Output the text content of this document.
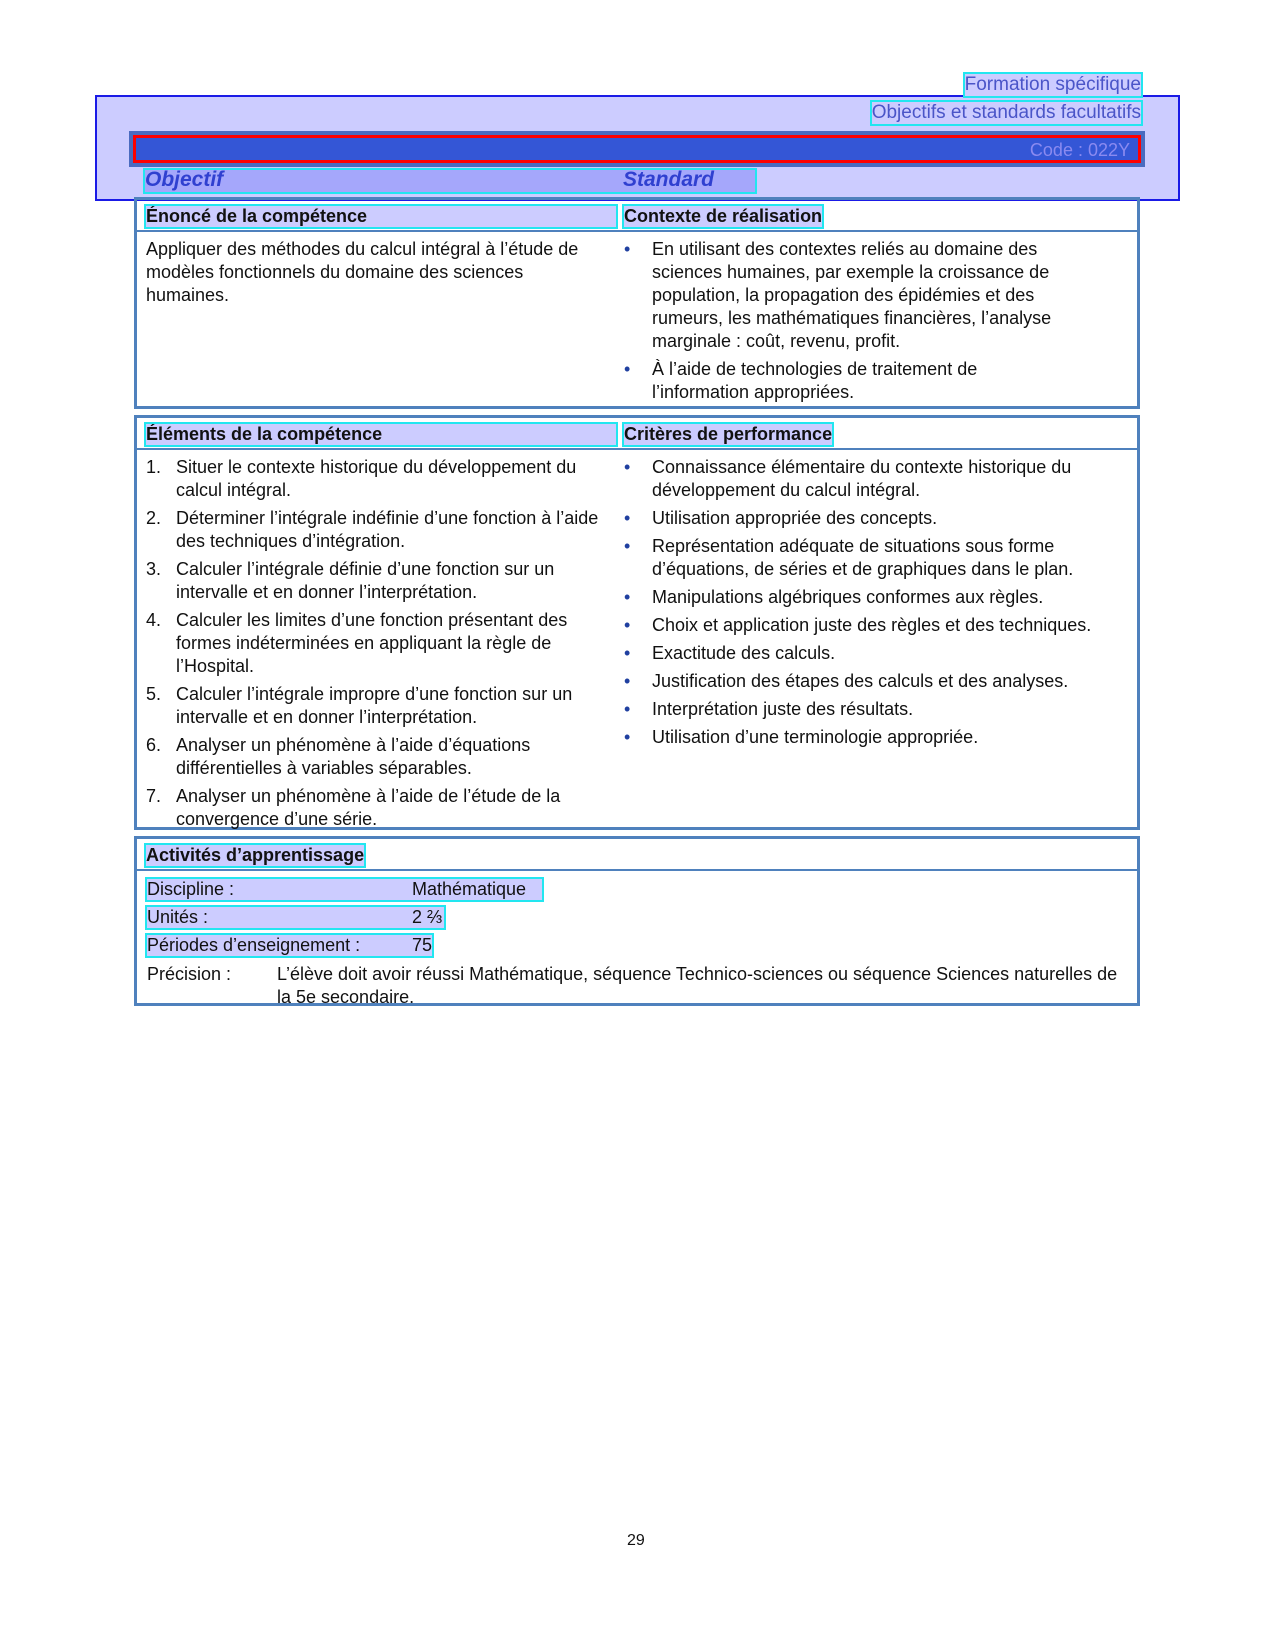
Formation spécifique
Objectifs et standards facultatifs
Code : 022Y
Objectif	Standard
Énoncé de la compétence	Contexte de réalisation
Appliquer des méthodes du calcul intégral à l’étude de modèles fonctionnels du domaine des sciences humaines.
•	En utilisant des contextes reliés au domaine des sciences humaines, par exemple la croissance de population, la propagation des épidémies et des rumeurs, les mathématiques financières, l’analyse marginale : coût, revenu, profit.
•	À l’aide de technologies de traitement de l’information appropriées.
Éléments de la compétence	Critères de performance
1. Situer le contexte historique du développement du calcul intégral.
2. Déterminer l’intégrale indéfinie d’une fonction à l’aide des techniques d’intégration.
3. Calculer l’intégrale définie d’une fonction sur un intervalle et en donner l’interprétation.
4. Calculer les limites d’une fonction présentant des formes indéterminées en appliquant la règle de l’Hospital.
5. Calculer l’intégrale impropre d’une fonction sur un intervalle et en donner l’interprétation.
6. Analyser un phénomène à l’aide d’équations différentielles à variables séparables.
7. Analyser un phénomène à l’aide de l’étude de la convergence d’une série.
•	Connaissance élémentaire du contexte historique du développement du calcul intégral.
•	Utilisation appropriée des concepts.
•	Représentation adéquate de situations sous forme d’équations, de séries et de graphiques dans le plan.
•	Manipulations algébriques conformes aux règles.
•	Choix et application juste des règles et des techniques.
•	Exactitude des calculs.
•	Justification des étapes des calculs et des analyses.
•	Interprétation juste des résultats.
•	Utilisation d’une terminologie appropriée.
Activités d’apprentissage
Discipline :	Mathématique
Unités :	2 ⅔
Périodes d’enseignement :	75
Précision :	L’élève doit avoir réussi Mathématique, séquence Technico-sciences ou séquence Sciences naturelles de la 5e secondaire.
29
